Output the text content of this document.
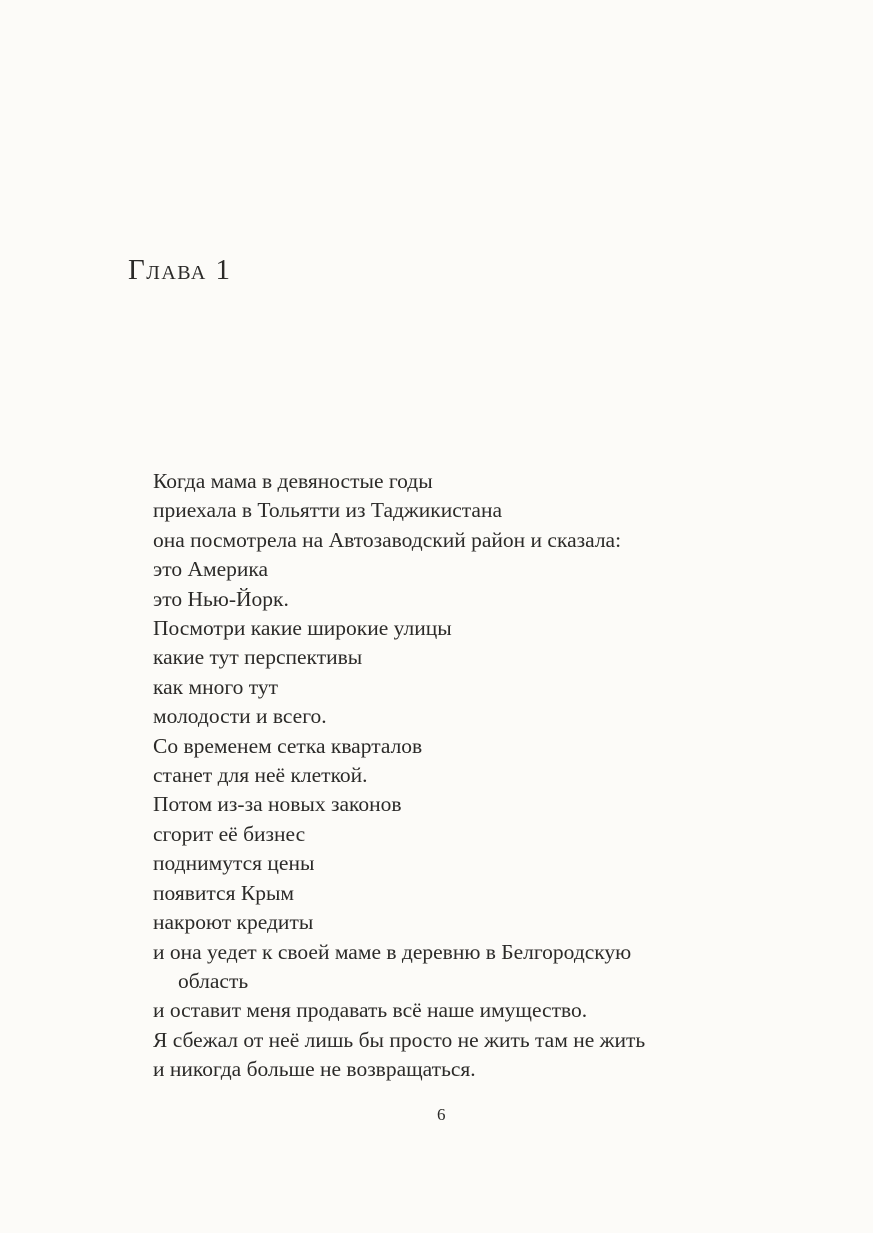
Глава 1
Когда мама в девяностые годы
приехала в Тольятти из Таджикистана
она посмотрела на Автозаводский район и сказала:
это Америка
это Нью-Йорк.
Посмотри какие широкие улицы
какие тут перспективы
как много тут
молодости и всего.
Со временем сетка кварталов
станет для неё клеткой.
Потом из-за новых законов
сгорит её бизнес
поднимутся цены
появится Крым
накроют кредиты
и она уедет к своей маме в деревню в Белгородскую
область
и оставит меня продавать всё наше имущество.
Я сбежал от неё лишь бы просто не жить там не жить
и никогда больше не возвращаться.
6
